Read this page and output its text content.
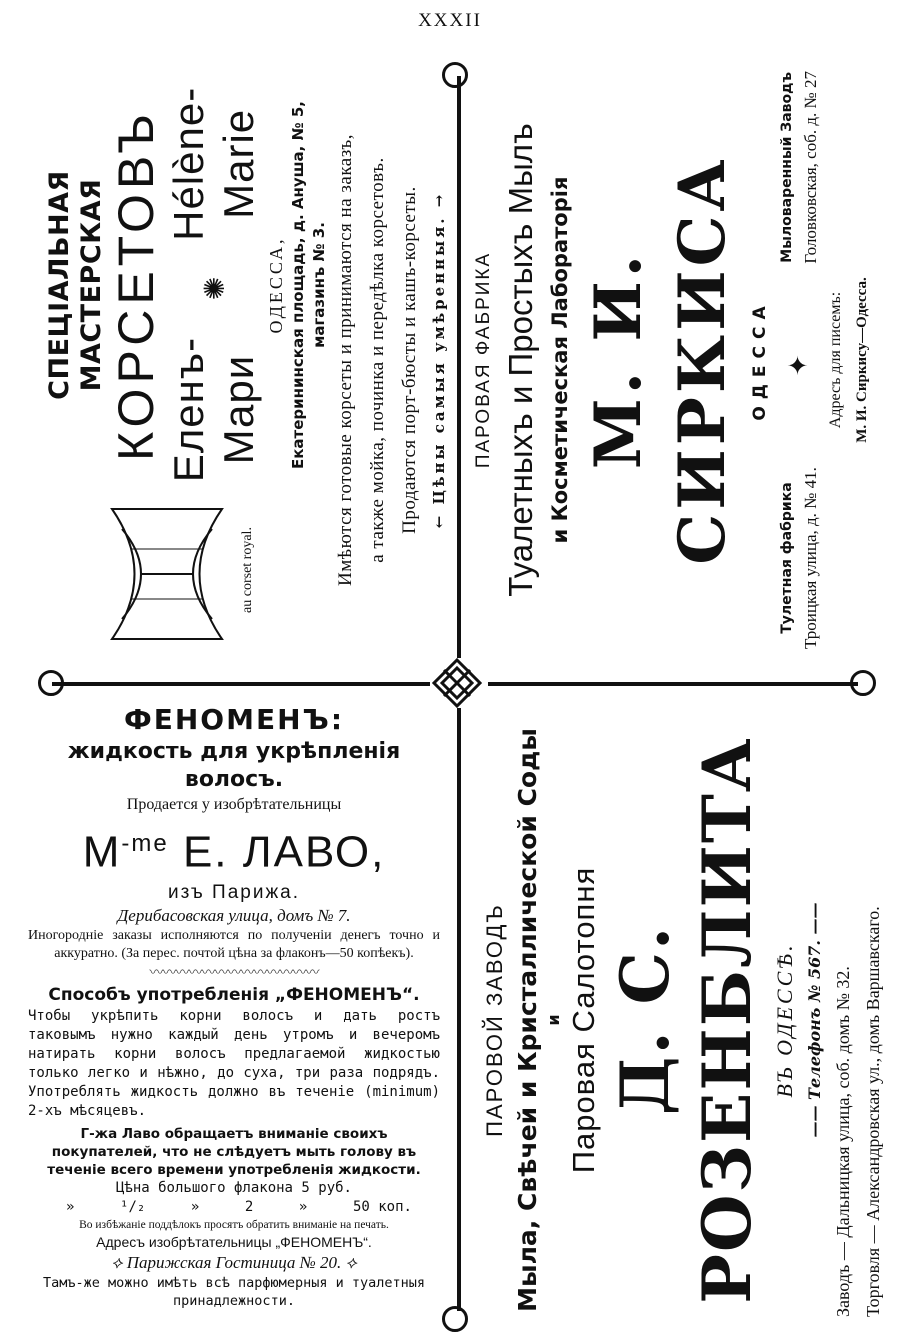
XXXII
au corset royal.
СПЕЦІАЛЬНАЯ МАСТЕРСКАЯ КОРСЕТОВЪ Еленъ-Мари
✺
Hélène-Marie
ОДЕССА, Екатерининская площадь, д. Ануша, № 5, магазинъ № 3. Имѣются готовые корсеты и принимаются на заказъ, а также мойка, починка и передѣлка корсетовъ. Продаются порт-бюсты и кашъ-корсеты. ← Цѣны самыя умѣренныя. →
ПАРОВАЯ ФАБРИКА Туалетныхъ и Простыхъ Мылъ и Косметическая Лабораторія М. И. СИРКИСА ОДЕССА
Тулетная фабрика Троицкая улица, д. № 41.
✦
Мыловаренный Заводъ Головковская, соб. д. № 27
Адресъ для писемъ: М. И. Сиркису—Одесса.
ФЕНОМЕНЪ:
жидкость для укрѣпленія волосъ.
Продается у изобрѣтательницы
$M^{-me}$ Е. ЛАВО,
изъ Парижа.
Дерибасовская улица, домъ № 7.
Иногородніе заказы исполняются по полученіи денегъ точно и аккуратно. (За перес. почтой цѣна за флаконъ—50 копѣекъ).
〰〰〰〰〰〰〰〰〰〰〰〰〰
Способъ употребленія „ФЕНОМЕНЪ“.
Чтобы укрѣпить корни волосъ и дать ростъ таковымъ нужно каждый день утромъ и вечеромъ натирать корни волосъ предлагаемой жидкостью только легко и нѣжно, до суха, три раза подрядъ. Употреблять жидкость должно въ теченіе (minimum) 2-хъ мѣсяцевъ.
Г-жа Лаво обращаетъ вниманіе своихъ покупателей, что не слѣдуетъ мыть голову въ теченіе всего времени употребленія жидкости.
Цѣна большого флакона 5 руб.
»	¹/₂	»	2	»	50 коп.
Во избѣжаніе поддѣлокъ просятъ обратить вниманіе на печать.
Адресъ изобрѣтательницы „ФЕНОМЕНЪ“.
⟡ Парижская Гостиница № 20. ⟡
Тамъ-же можно имѣть всѣ парфюмерныя и туалетныя принадлежности.
ПАРОВОЙ ЗАВОДЪ Мыла, Свѣчей и Кристаллической Соды и Паровая Салотопня Д. С. РОЗЕНБЛИТА ВЪ ОДЕССѢ.
—— Телефонъ № 567. ——
Заводъ — Дальницкая улица, соб. домъ № 32. Торговля — Александровская ул., домъ Варшавскаго.
